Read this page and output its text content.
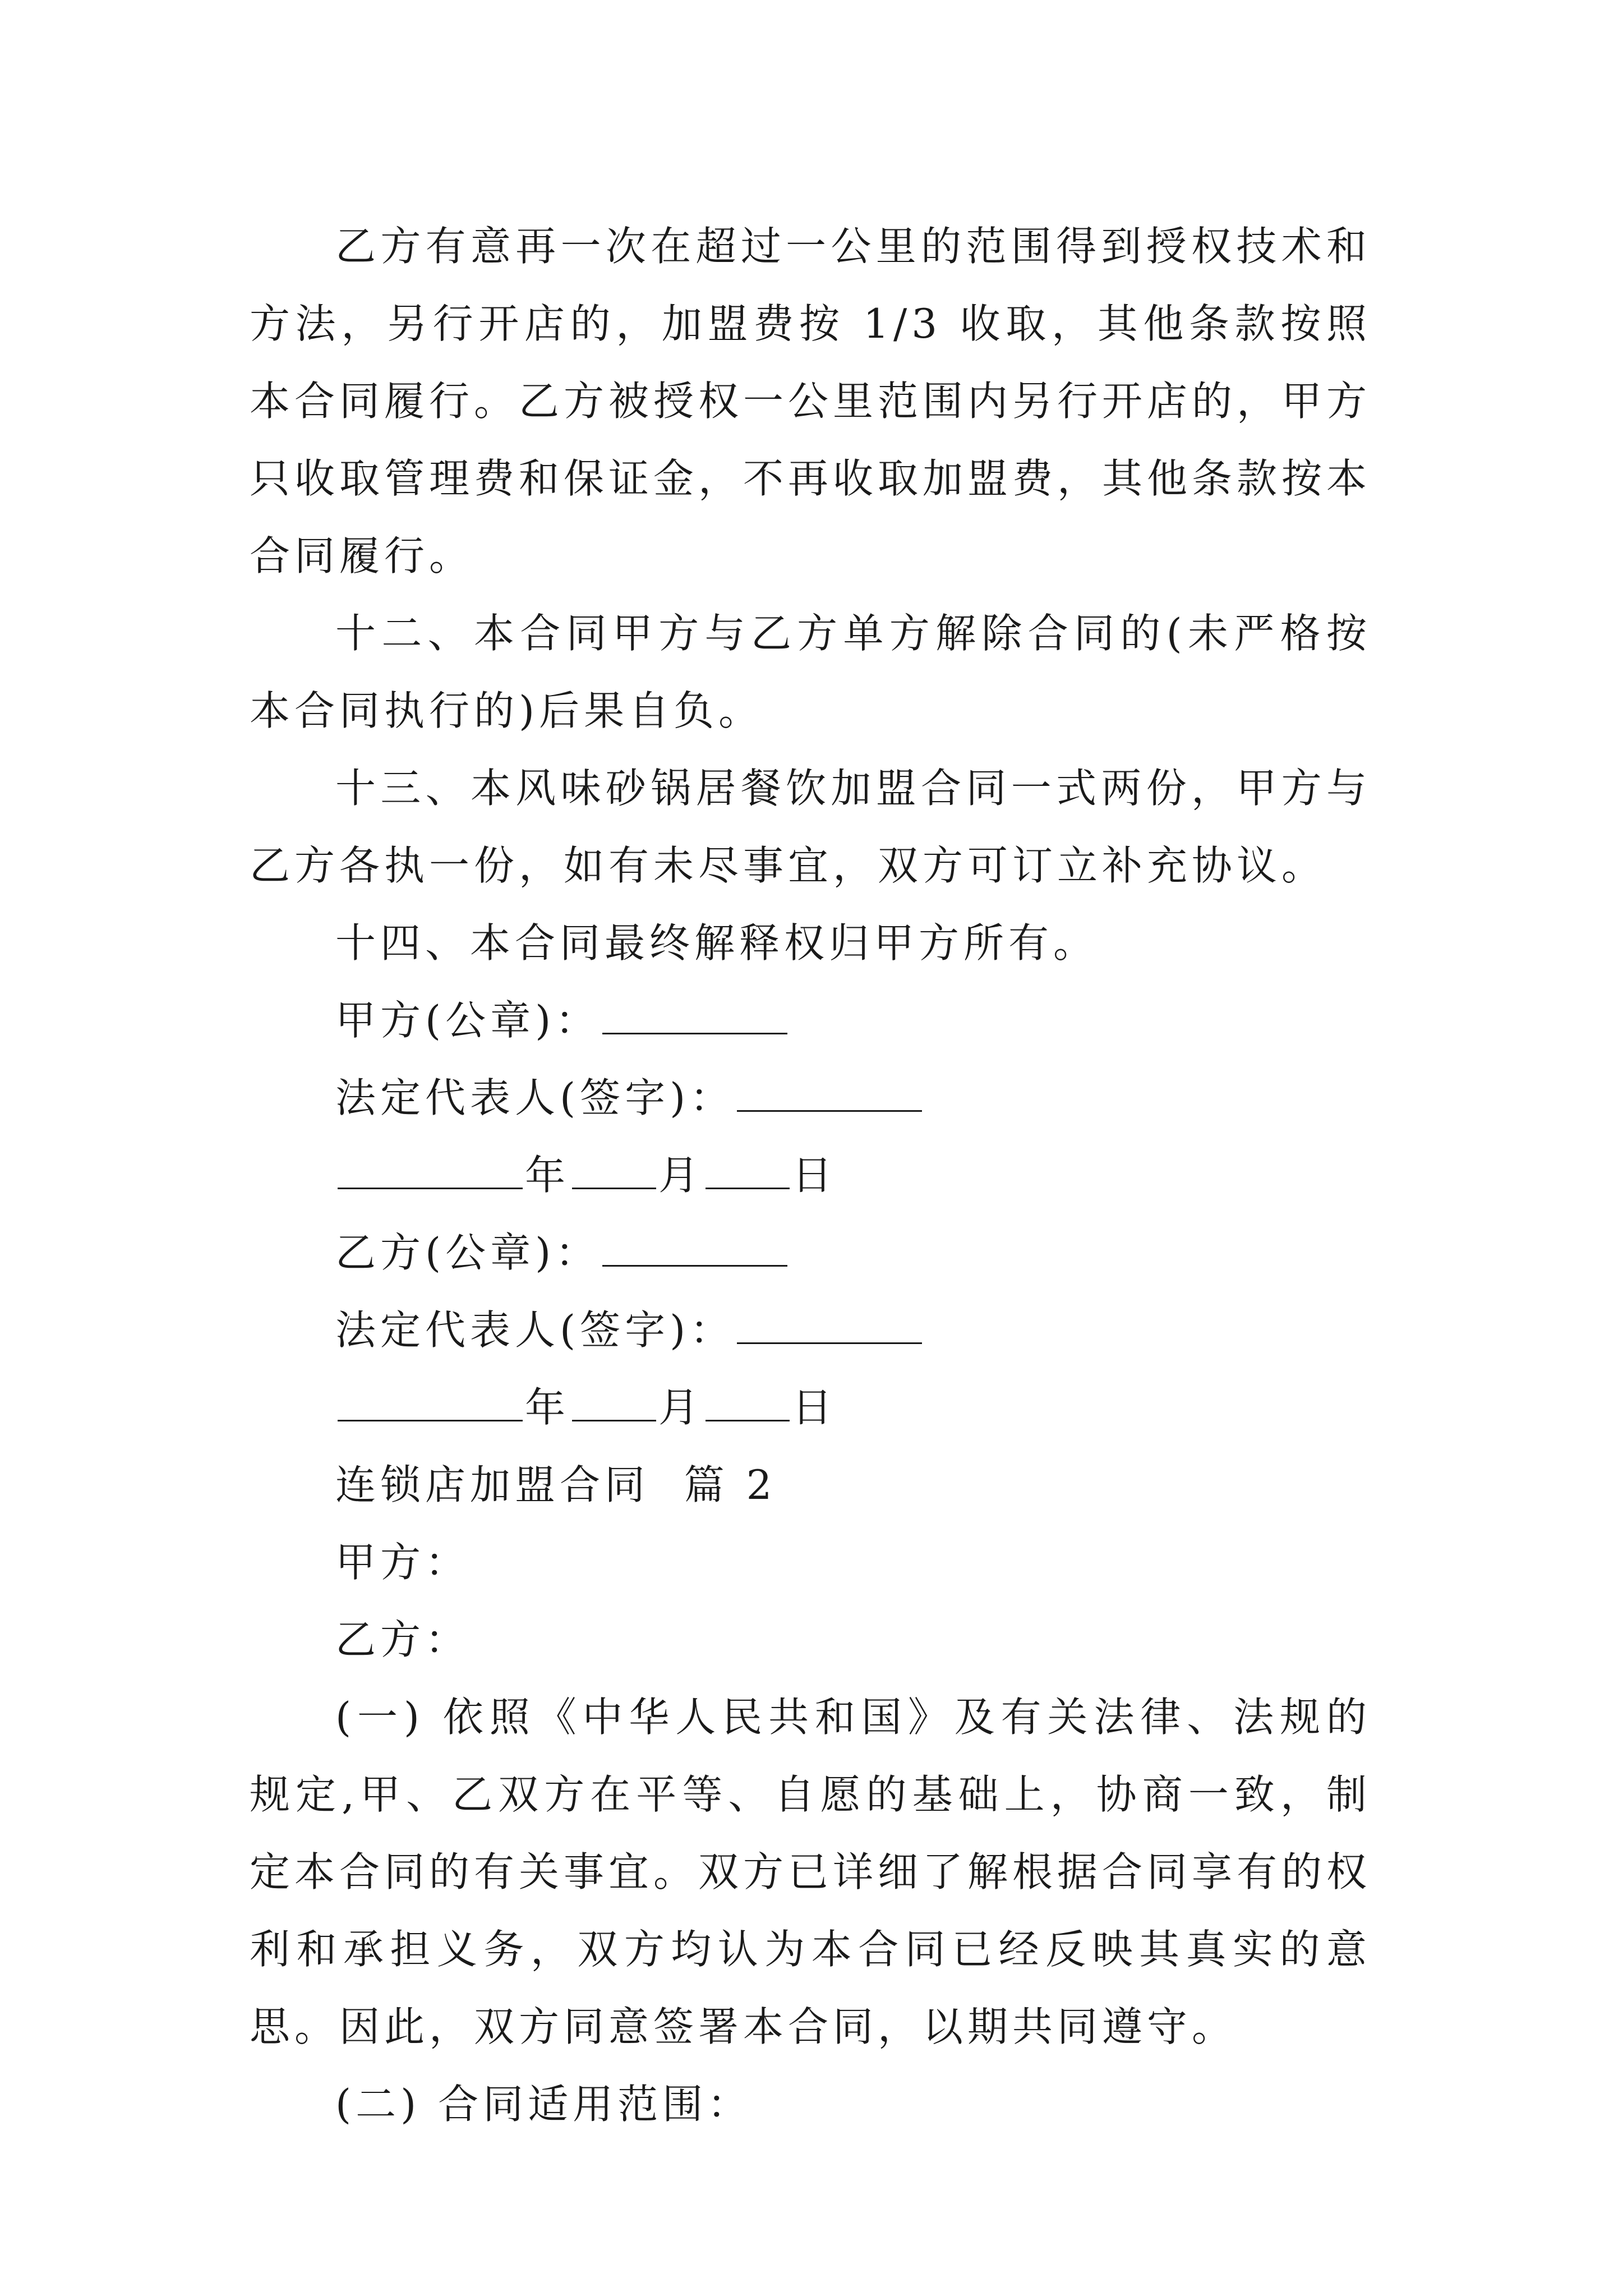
乙方有意再一次在超过一公里的范围得到授权技术和方法，另行开店的，加盟费按 1/3 收取，其他条款按照本合同履行。乙方被授权一公里范围内另行开店的，甲方只收取管理费和保证金，不再收取加盟费，其他条款按本合同履行。

十二、本合同甲方与乙方单方解除合同的(未严格按本合同执行的)后果自负。

十三、本风味砂锅居餐饮加盟合同一式两份，甲方与乙方各执一份，如有未尽事宜，双方可订立补充协议。

十四、本合同最终解释权归甲方所有。

甲方(公章)：
法定代表人(签字)：
年 月 日
乙方(公章)：
法定代表人(签字)：
年 月 日
连锁店加盟合同  篇 2
甲方：
乙方：

(一) 依照《中华人民共和国》及有关法律、法规的规定,甲、乙双方在平等、自愿的基础上，协商一致，制定本合同的有关事宜。双方已详细了解根据合同享有的权利和承担义务，双方均认为本合同已经反映其真实的意思。因此，双方同意签署本合同，以期共同遵守。

(二) 合同适用范围：
